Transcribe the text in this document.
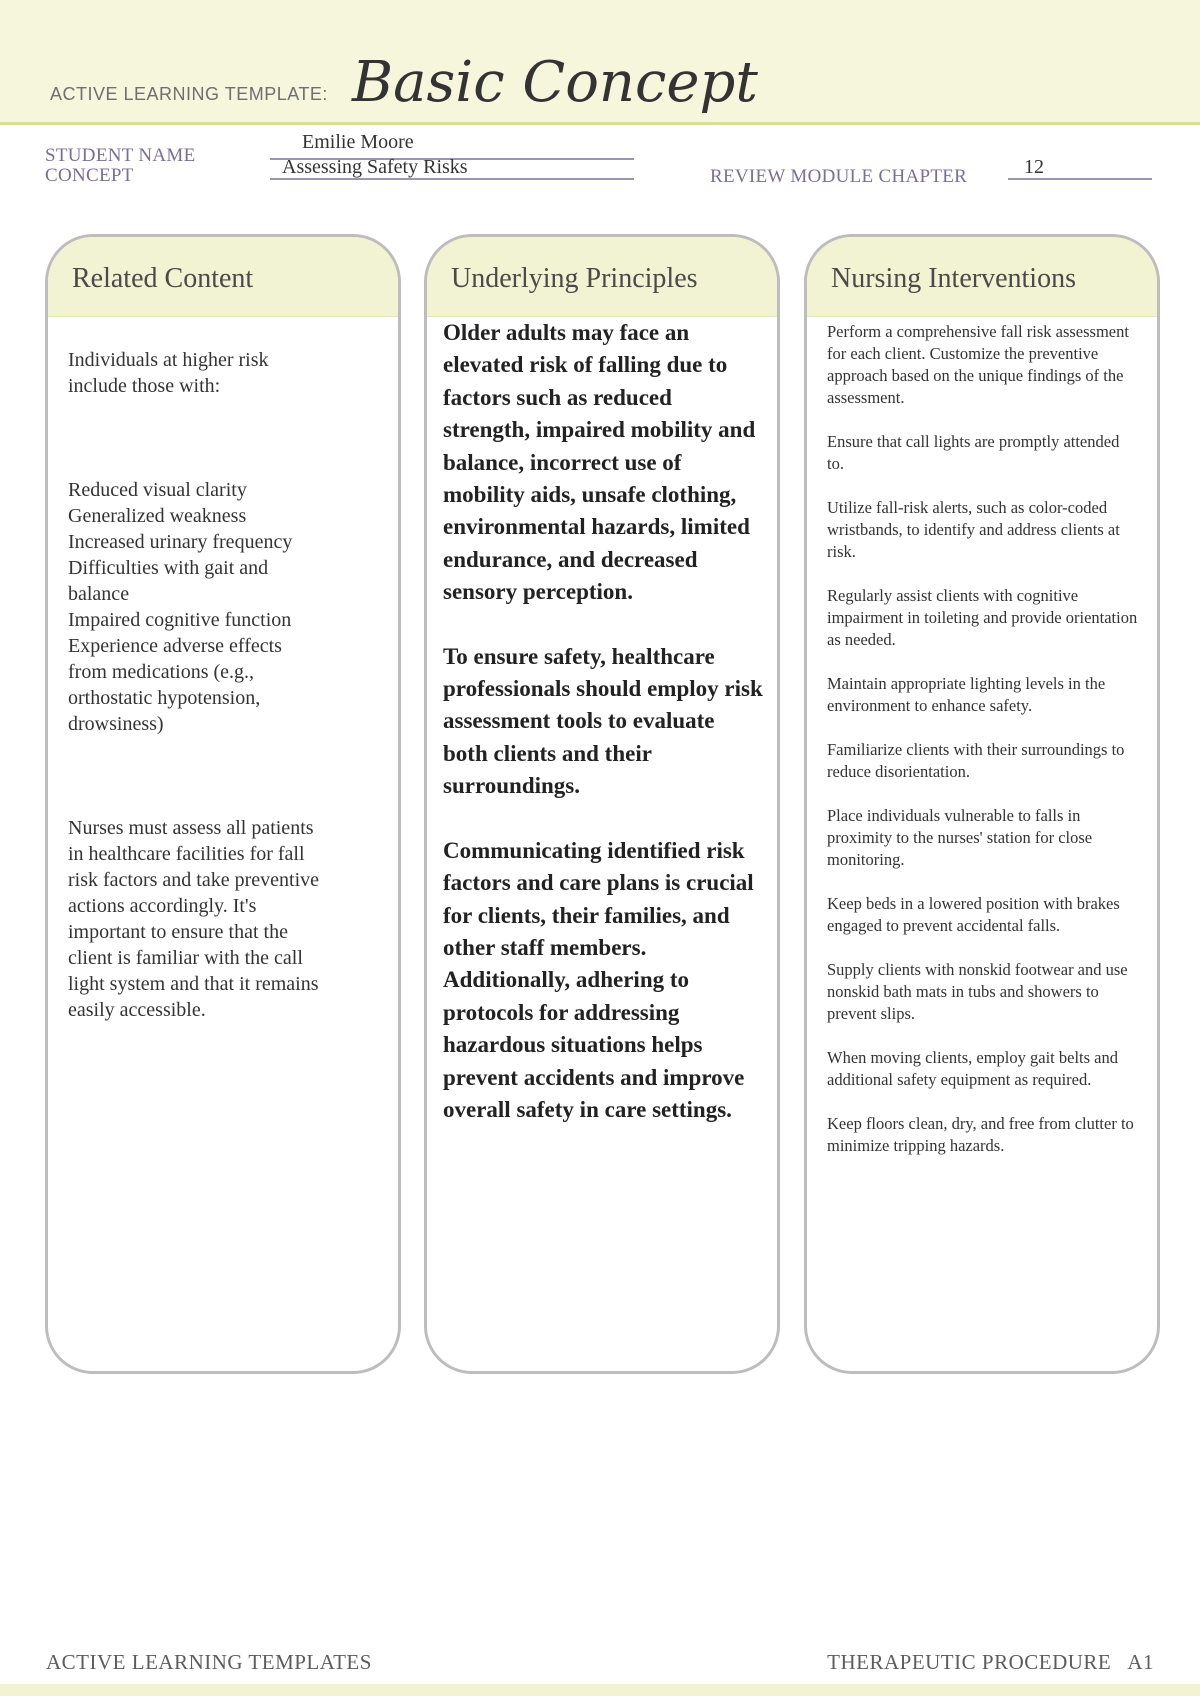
ACTIVE LEARNING TEMPLATE: Basic Concept
STUDENT NAME
Emilie Moore
CONCEPT	Assessing Safety Risks	REVIEW MODULE CHAPTER	12
Related Content

Individuals at higher risk

include those with:

Reduced visual clarity

Generalized weakness

Increased urinary frequency

Difficulties with gait and

balance

Impaired cognitive function

Experience adverse effects

from medications (e.g.,

orthostatic hypotension,

drowsiness)

Nurses must assess all patients

in healthcare facilities for fall

risk factors and take preventive

actions accordingly. It's

important to ensure that the

client is familiar with the call

light system and that it remains

easily accessible.

Underlying Principles

Older adults may face an elevated risk of falling due to factors such as reduced strength, impaired mobility and balance, incorrect use of mobility aids, unsafe clothing, environmental hazards, limited endurance, and decreased sensory perception.

To ensure safety, healthcare professionals should employ risk assessment tools to evaluate both clients and their surroundings.

Communicating identified risk factors and care plans is crucial for clients, their families, and other staff members. Additionally, adhering to protocols for addressing hazardous situations helps prevent accidents and improve overall safety in care settings.

Nursing Interventions

Perform a comprehensive fall risk assessment for each client. Customize the preventive approach based on the unique findings of the assessment.

Ensure that call lights are promptly attended to.

Utilize fall-risk alerts, such as color-coded wristbands, to identify and address clients at risk.

Regularly assist clients with cognitive impairment in toileting and provide orientation as needed.

Maintain appropriate lighting levels in the environment to enhance safety.

Familiarize clients with their surroundings to reduce disorientation.

Place individuals vulnerable to falls in proximity to the nurses' station for close monitoring.

Keep beds in a lowered position with brakes engaged to prevent accidental falls.

Supply clients with nonskid footwear and use nonskid bath mats in tubs and showers to prevent slips.

When moving clients, employ gait belts and additional safety equipment as required.

Keep floors clean, dry, and free from clutter to minimize tripping hazards.

ACTIVE LEARNING TEMPLATES	THERAPEUTIC PROCEDURE   A1
